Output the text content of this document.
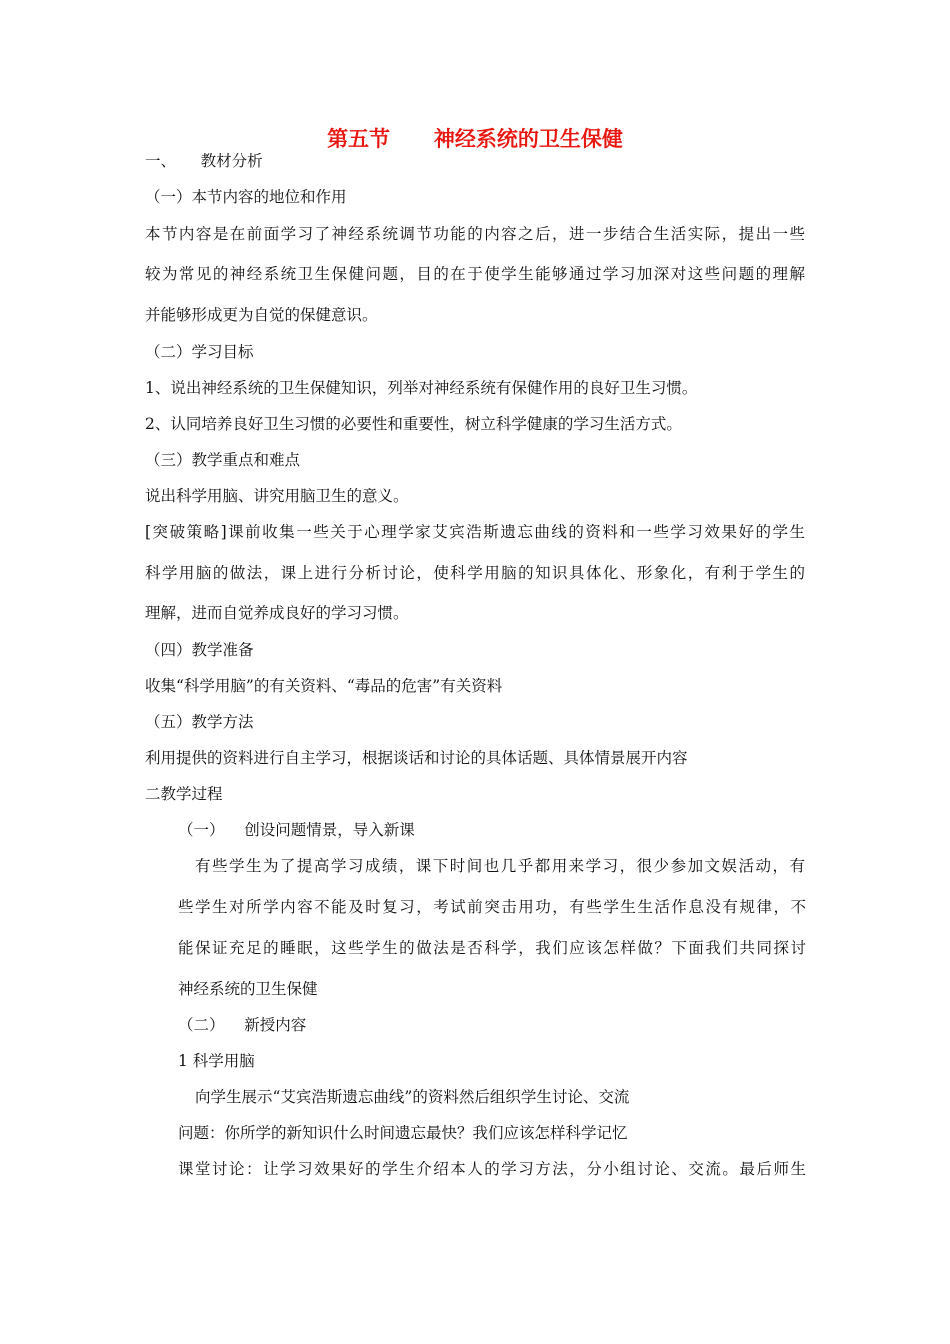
第五节      神经系统的卫生保健
一、     教材分析
（一）本节内容的地位和作用
本节内容是在前面学习了神经系统调节功能的内容之后，进一步结合生活实际，提出一些
较为常见的神经系统卫生保健问题，目的在于使学生能够通过学习加深对这些问题的理解
并能够形成更为自觉的保健意识。
（二）学习目标
1、说出神经系统的卫生保健知识，列举对神经系统有保健作用的良好卫生习惯。
2、认同培养良好卫生习惯的必要性和重要性，树立科学健康的学习生活方式。
（三）教学重点和难点
说出科学用脑、讲究用脑卫生的意义。
[突破策略]课前收集一些关于心理学家艾宾浩斯遗忘曲线的资料和一些学习效果好的学生
科学用脑的做法，课上进行分析讨论，使科学用脑的知识具体化、形象化，有利于学生的
理解，进而自觉养成良好的学习习惯。
（四）教学准备
收集“科学用脑”的有关资料、“毒品的危害”有关资料
（五）教学方法
利用提供的资料进行自主学习，根据谈话和讨论的具体话题、具体情景展开内容
二教学过程
（一）    创设问题情景，导入新课
有些学生为了提高学习成绩，课下时间也几乎都用来学习，很少参加文娱活动，有
些学生对所学内容不能及时复习，考试前突击用功，有些学生生活作息没有规律，不
能保证充足的睡眠，这些学生的做法是否科学，我们应该怎样做？下面我们共同探讨
神经系统的卫生保健
（二）    新授内容
1 科学用脑
向学生展示“艾宾浩斯遗忘曲线”的资料然后组织学生讨论、交流
问题：你所学的新知识什么时间遗忘最快？我们应该怎样科学记忆
课堂讨论：让学习效果好的学生介绍本人的学习方法，分小组讨论、交流。最后师生
